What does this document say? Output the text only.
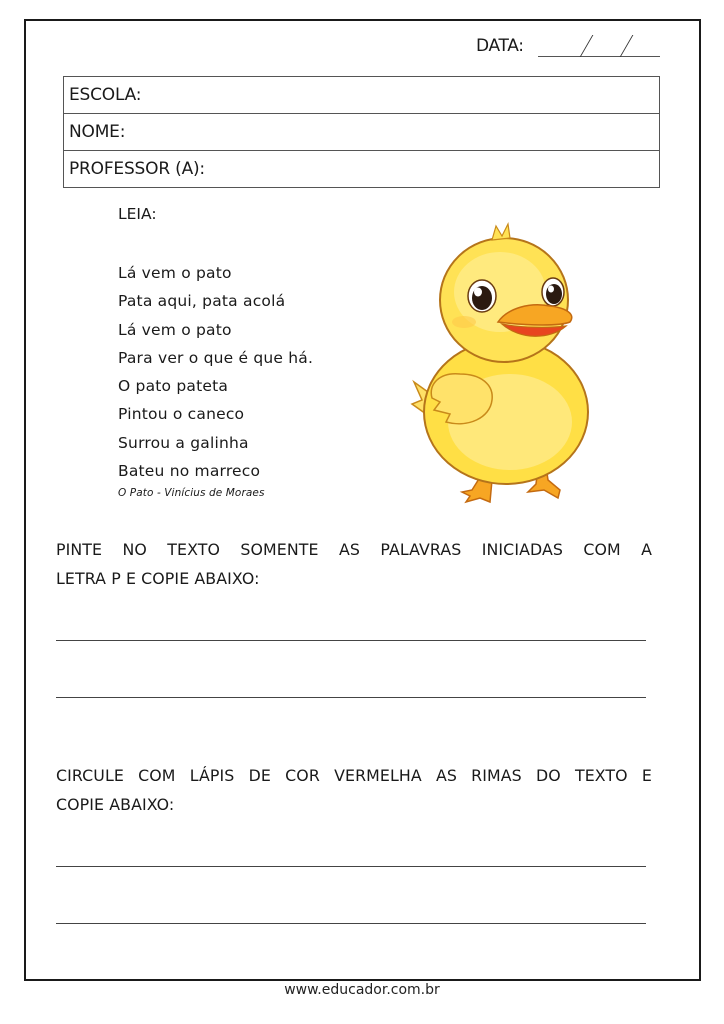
DATA:
ESCOLA:
NOME:
PROFESSOR (A):
LEIA:
Lá vem o pato
Pata aqui, pata acolá
Lá vem o pato
Para ver o que é que há.
O pato pateta
Pintou o caneco
Surrou a galinha
Bateu no marreco
O Pato - Vinícius de Moraes
PINTE NO TEXTO SOMENTE AS PALAVRAS INICIADAS COM A
LETRA P E COPIE ABAIXO:
CIRCULE COM LÁPIS DE COR VERMELHA AS RIMAS DO TEXTO E
COPIE ABAIXO:
www.educador.com.br
